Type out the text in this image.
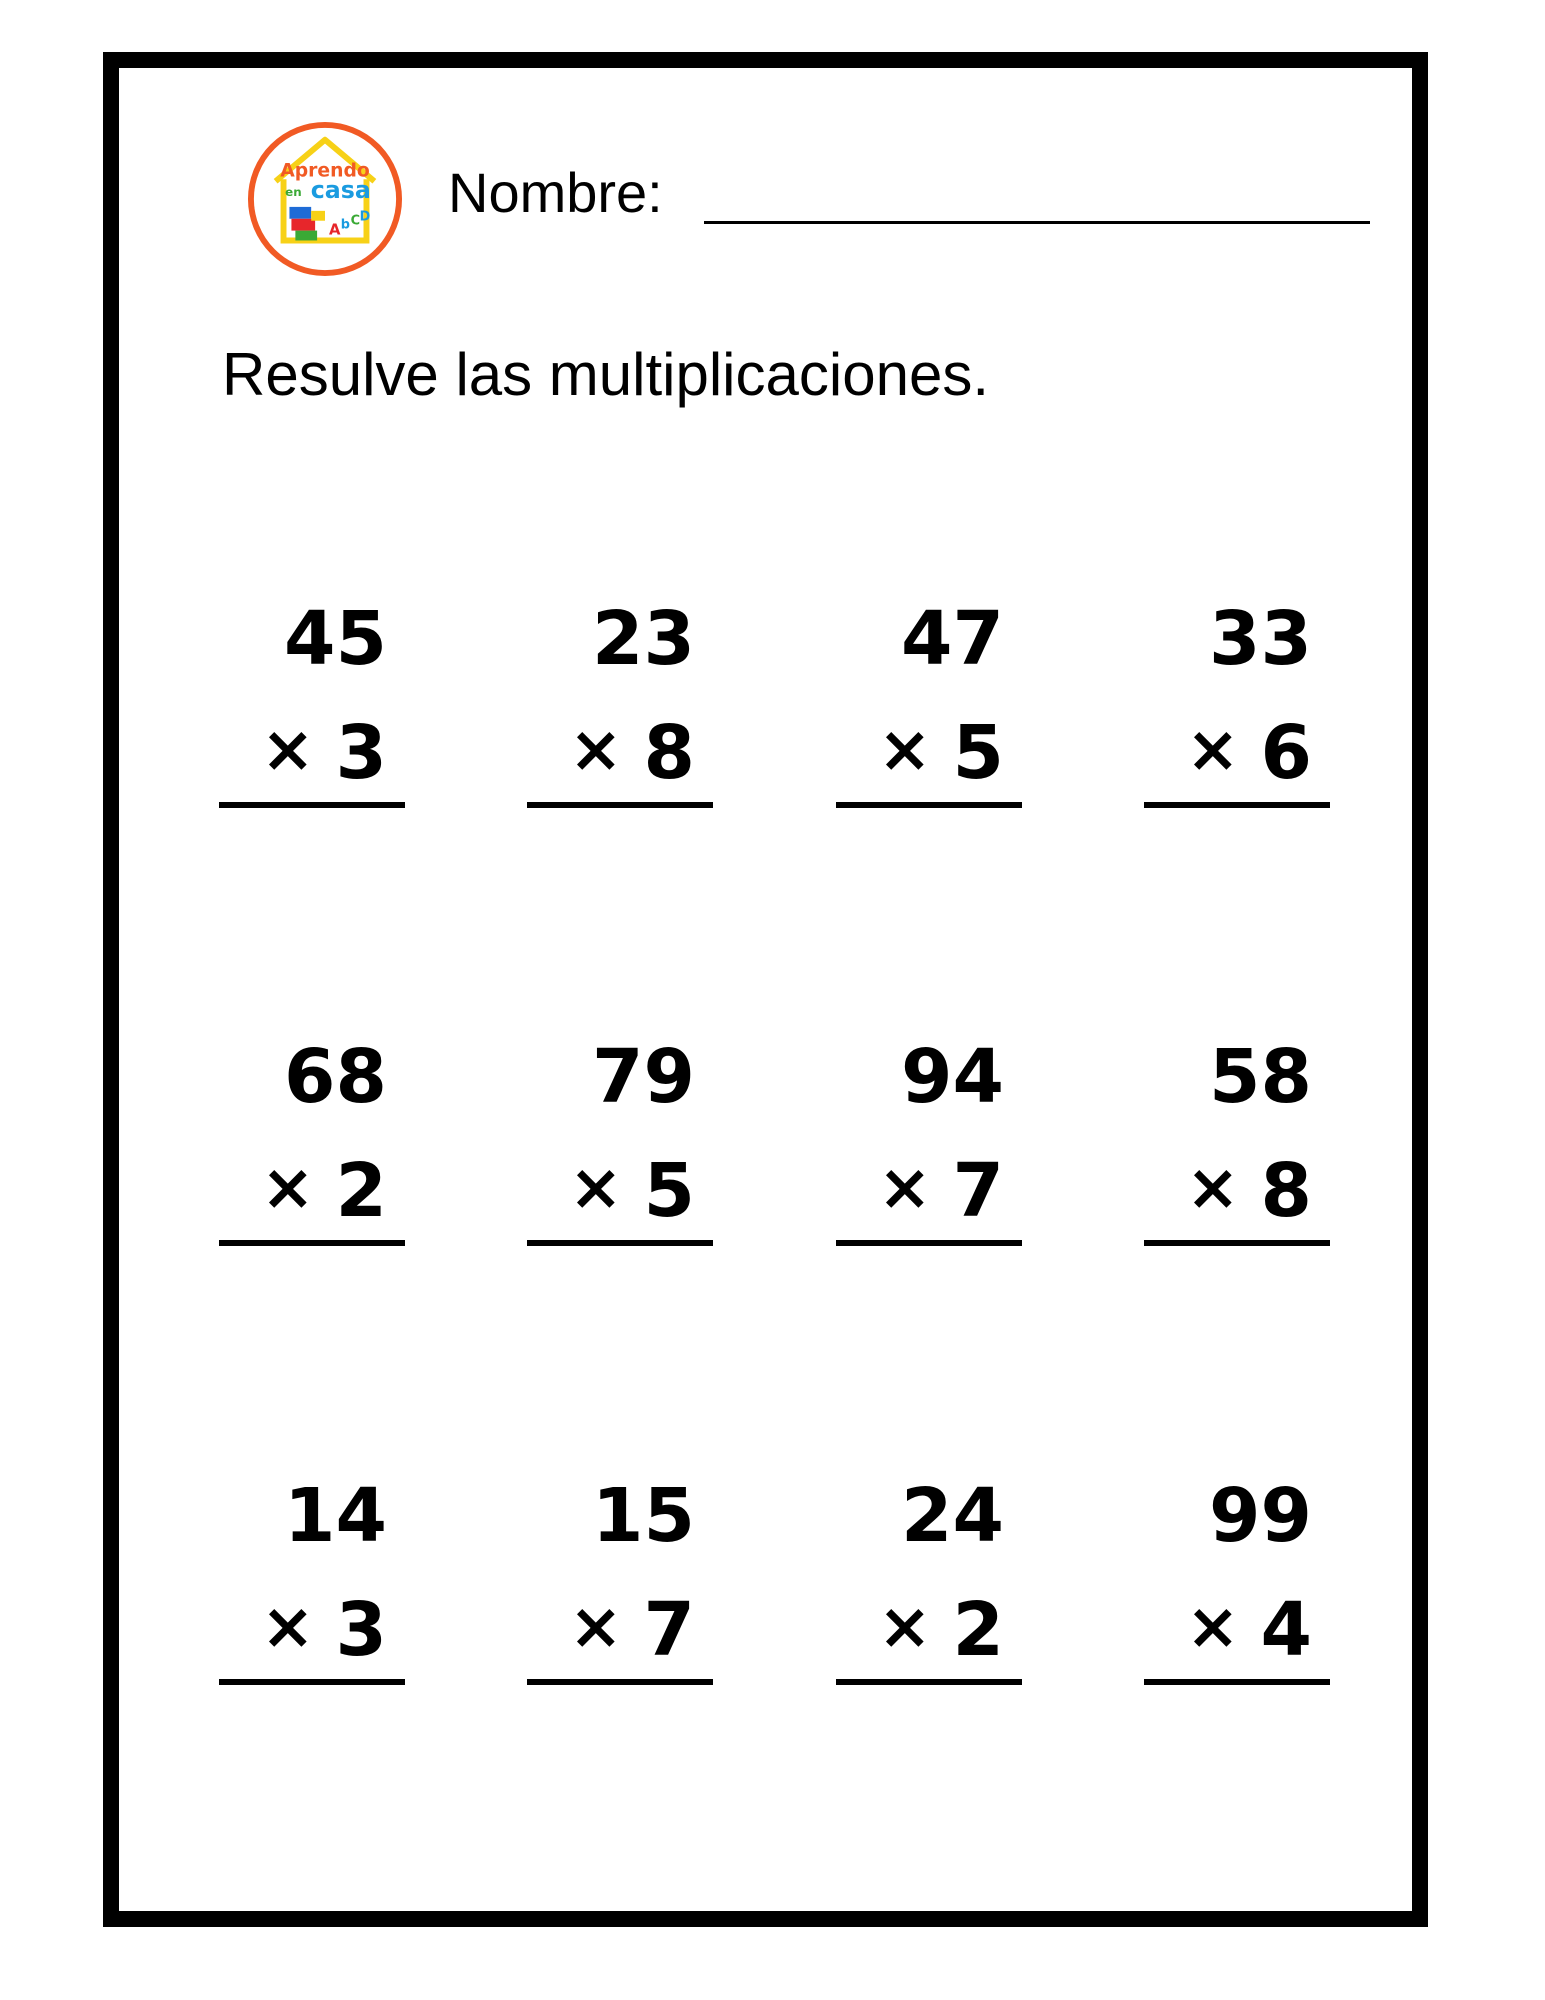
Aprendo
en casa
A b C D Nombre:
Resulve las multiplicaciones.
45
× 3
23
× 8
47
× 5
33
× 6
68
× 2
79
× 5
94
× 7
58
× 8
14
× 3
15
× 7
24
× 2
99
× 4
